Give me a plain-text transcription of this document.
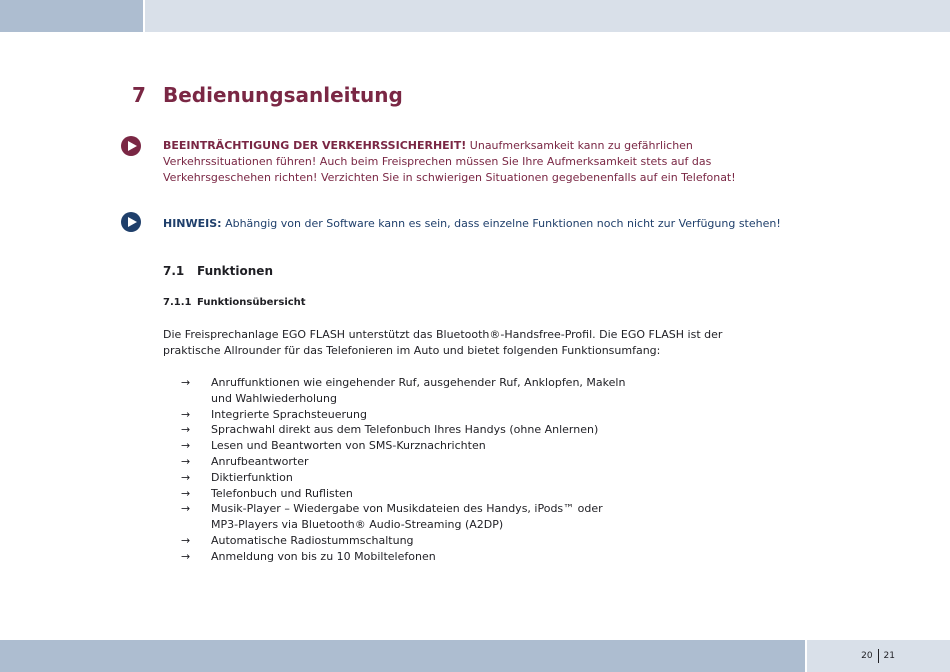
7 Bedienungsanleitung
BEEINTRÄCHTIGUNG DER VERKEHRSSICHERHEIT! Unaufmerksamkeit kann zu gefährlichen Verkehrssituationen führen! Auch beim Freisprechen müssen Sie Ihre Aufmerksamkeit stets auf das Verkehrsgeschehen richten! Verzichten Sie in schwierigen Situationen gegebenenfalls auf ein Telefonat!
HINWEIS: Abhängig von der Software kann es sein, dass einzelne Funktionen noch nicht zur Verfügung stehen!
7.1 Funktionen
7.1.1 Funktionsübersicht
Die Freisprechanlage EGO FLASH unterstützt das Bluetooth®-Handsfree-Profil. Die EGO FLASH ist der praktische Allrounder für das Telefonieren im Auto und bietet folgenden Funktionsumfang:
→	Anruffunktionen wie eingehender Ruf, ausgehender Ruf, Anklopfen, Makeln und Wahlwiederholung
→	Integrierte Sprachsteuerung
→	Sprachwahl direkt aus dem Telefonbuch Ihres Handys (ohne Anlernen)
→	Lesen und Beantworten von SMS-Kurznachrichten
→	Anrufbeantworter
→	Diktierfunktion
→	Telefonbuch und Ruflisten
→	Musik-Player – Wiedergabe von Musikdateien des Handys, iPods™ oder MP3-Players via Bluetooth® Audio-Streaming (A2DP)
→	Automatische Radiostummschaltung
→	Anmeldung von bis zu 10 Mobiltelefonen
20 21
